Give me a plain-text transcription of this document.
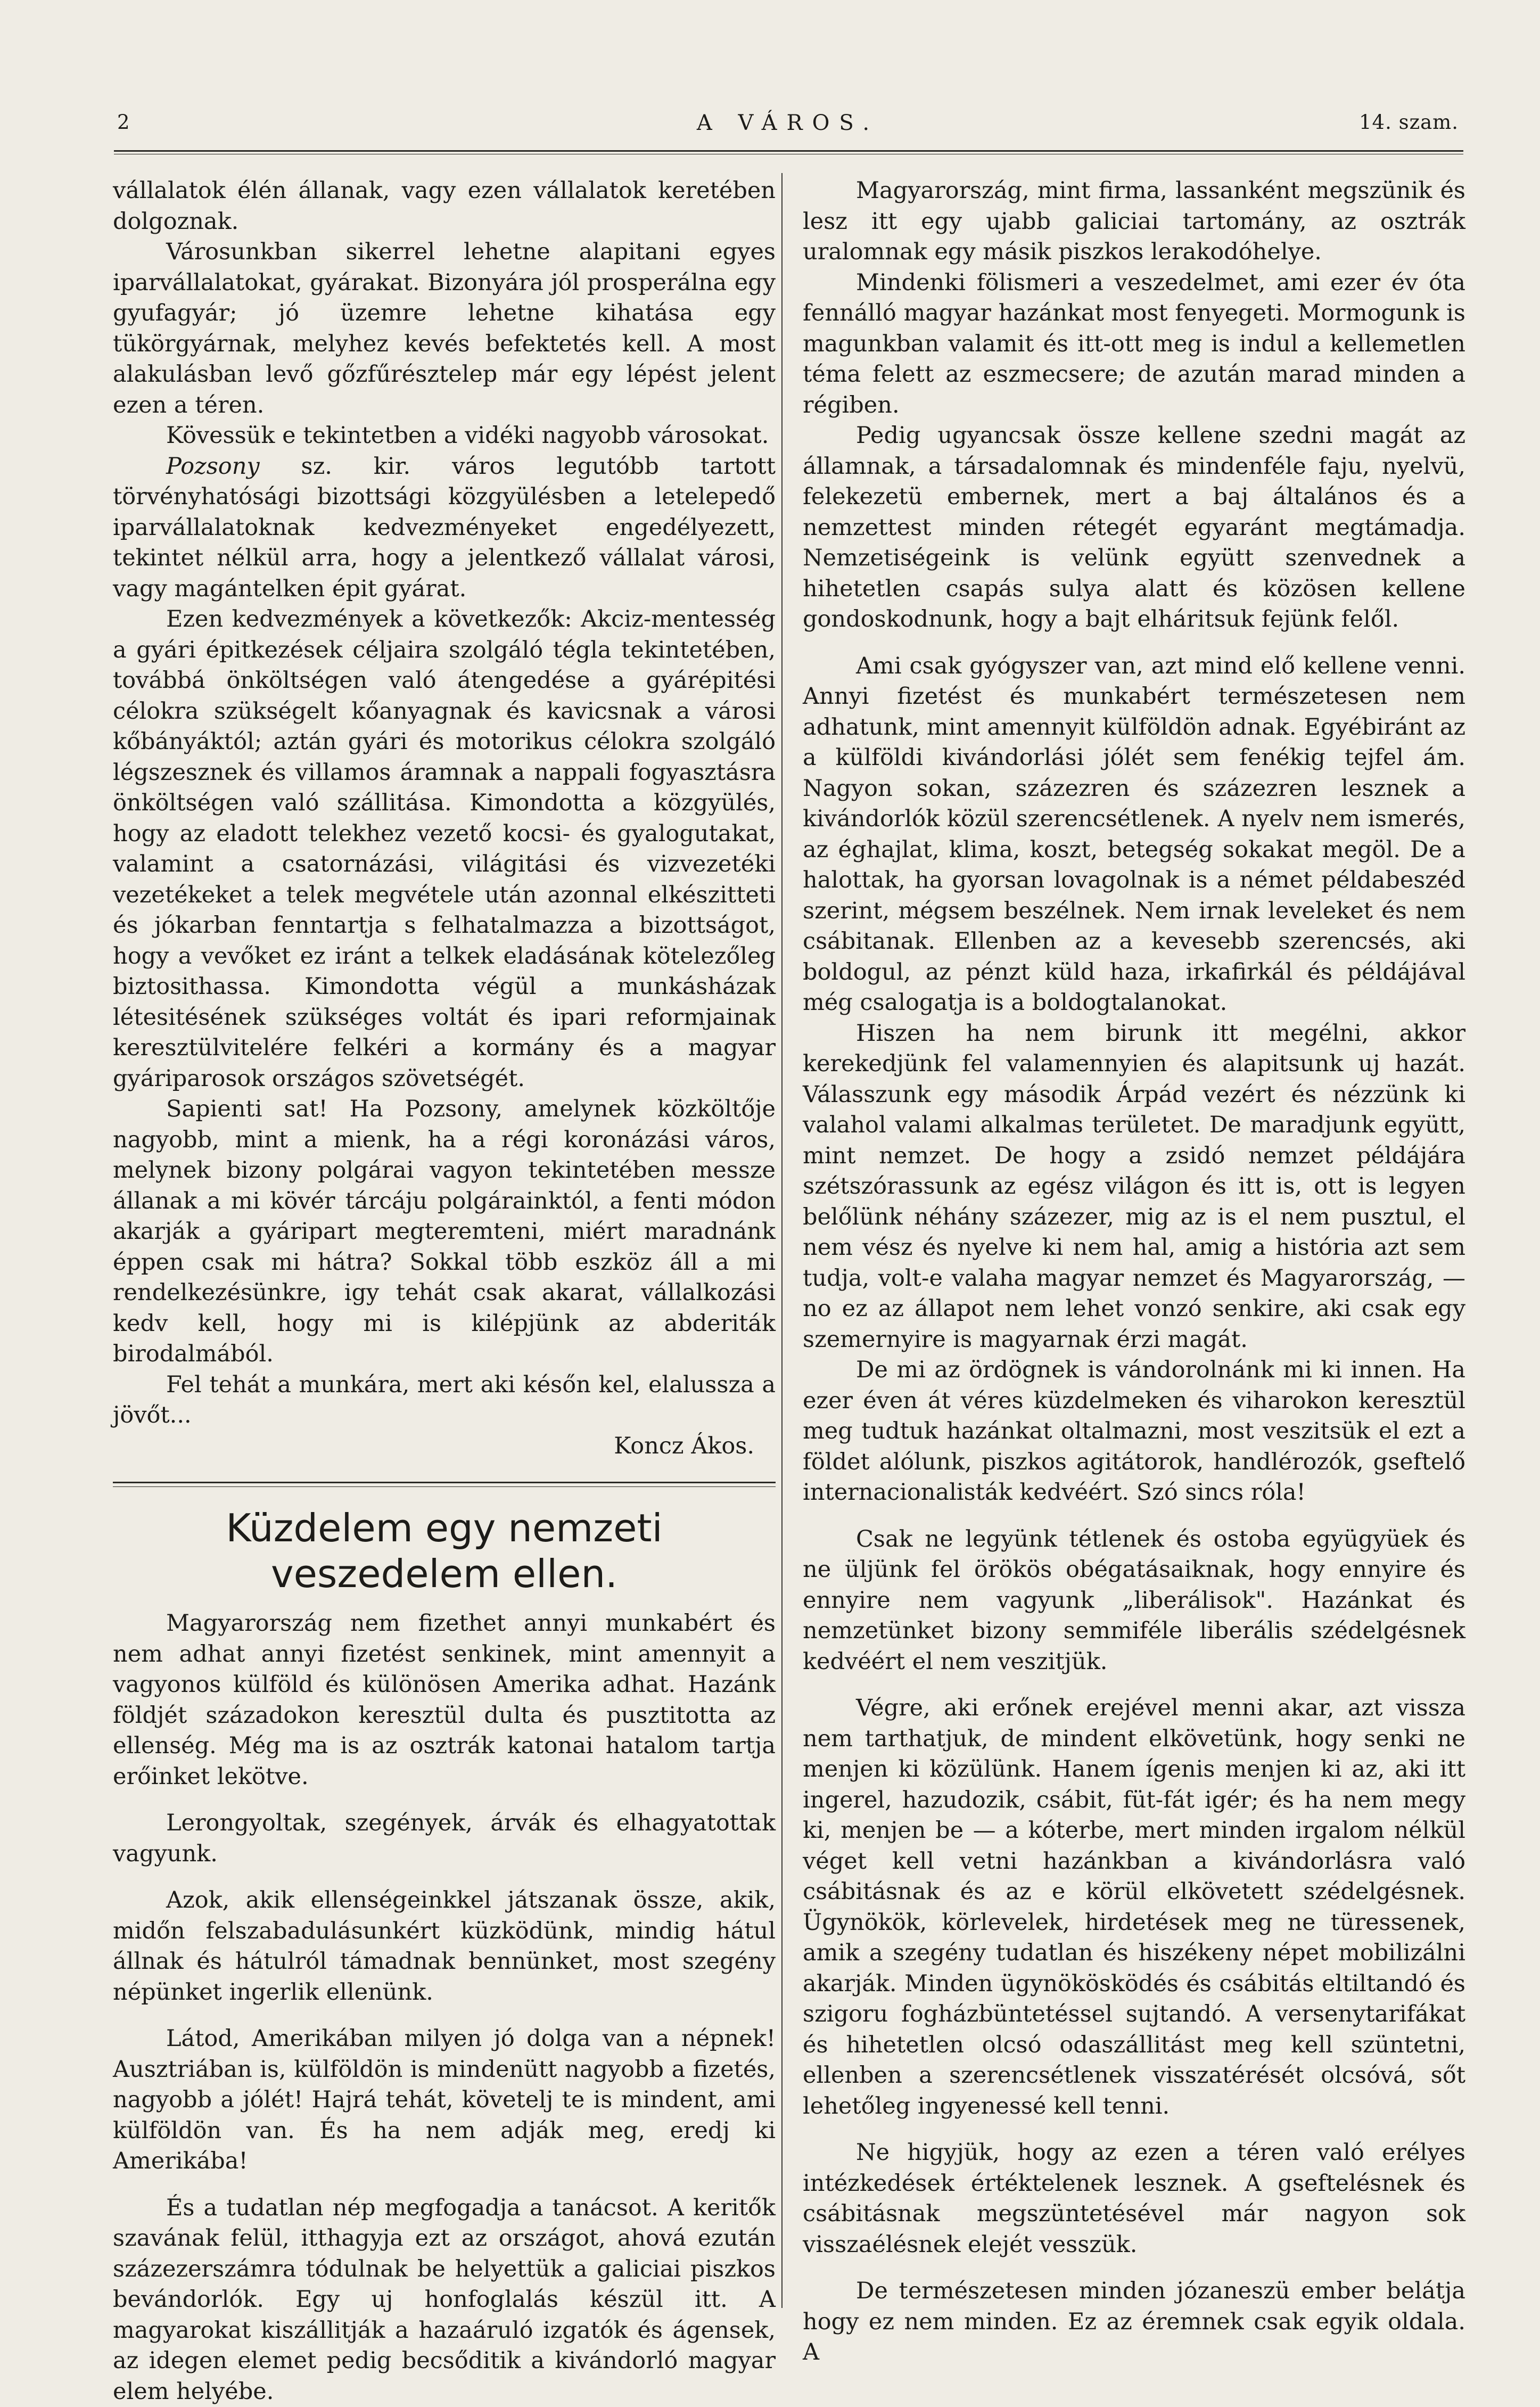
2	A VÁROS.	14. szam.

vállalatok élén állanak, vagy ezen vállalatok keretében dolgoznak.

Városunkban sikerrel lehetne alapitani egyes iparvállalatokat, gyárakat. Bizonyára jól prosperálna egy gyufagyár; jó üzemre lehetne kihatása egy tükörgyárnak, melyhez kevés befektetés kell. A most alakulásban levő gőzfűrésztelep már egy lépést jelent ezen a téren.

Kövessük e tekintetben a vidéki nagyobb városokat.

Pozsony sz. kir. város legutóbb tartott törvényhatósági bizottsági közgyülésben a letelepedő iparvállalatoknak kedvezményeket engedélyezett, tekintet nélkül arra, hogy a jelentkező vállalat városi, vagy magántelken épit gyárat.

Ezen kedvezmények a következők: Akciz-mentesség a gyári épitkezések céljaira szolgáló tégla tekintetében, továbbá önköltségen való átengedése a gyárépitési célokra szükségelt kőanyagnak és kavicsnak a városi kőbányáktól; aztán gyári és motorikus célokra szolgáló légszesznek és villamos áramnak a nappali fogyasztásra önköltségen való szállitása. Kimondotta a közgyülés, hogy az eladott telekhez vezető kocsi- és gyalogutakat, valamint a csatornázási, világitási és vizvezetéki vezetékeket a telek megvétele után azonnal elkészitteti és jókarban fenntartja s felhatalmazza a bizottságot, hogy a vevőket ez iránt a telkek eladásának kötelezőleg biztosithassa. Kimondotta végül a munkásházak létesitésének szükséges voltát és ipari reformjainak keresztülvitelére felkéri a kormány és a magyar gyáriparosok országos szövetségét.

Sapienti sat! Ha Pozsony, amelynek közköltője nagyobb, mint a mienk, ha a régi koronázási város, melynek bizony polgárai vagyon tekintetében messze állanak a mi kövér tárcáju polgárainktól, a fenti módon akarják a gyáripart megteremteni, miért maradnánk éppen csak mi hátra? Sokkal több eszköz áll a mi rendelkezésünkre, igy tehát csak akarat, vállalkozási kedv kell, hogy mi is kilépjünk az abderiták birodalmából.

Fel tehát a munkára, mert aki későn kel, elalussza a jövőt...

Koncz Ákos.
Küzdelem egy nemzeti veszedelem ellen.

Magyarország nem fizethet annyi munkabért és nem adhat annyi fizetést senkinek, mint amennyit a vagyonos külföld és különösen Amerika adhat. Hazánk földjét századokon keresztül dulta és pusztitotta az ellenség. Még ma is az osztrák katonai hatalom tartja erőinket lekötve.

Lerongyoltak, szegények, árvák és elhagyatottak vagyunk.

Azok, akik ellenségeinkkel játszanak össze, akik, midőn felszabadulásunkért küzködünk, mindig hátul állnak és hátulról támadnak bennünket, most szegény népünket ingerlik ellenünk.

Látod, Amerikában milyen jó dolga van a népnek! Ausztriában is, külföldön is mindenütt nagyobb a fizetés, nagyobb a jólét! Hajrá tehát, követelj te is mindent, ami külföldön van. És ha nem adják meg, eredj ki Amerikába!

És a tudatlan nép megfogadja a tanácsot. A keritők szavának felül, itthagyja ezt az országot, ahová ezután százezerszámra tódulnak be helyettük a galiciai piszkos bevándorlók. Egy uj honfoglalás készül itt. A magyarokat kiszállitják a hazaáruló izgatók és ágensek, az idegen elemet pedig becsőditik a kivándorló magyar elem helyébe.

Magyarország, mint firma, lassanként megszünik és lesz itt egy ujabb galiciai tartomány, az osztrák uralomnak egy másik piszkos lerakodóhelye.

Mindenki fölismeri a veszedelmet, ami ezer év óta fennálló magyar hazánkat most fenyegeti. Mormogunk is magunkban valamit és itt-ott meg is indul a kellemetlen téma felett az eszmecsere; de azután marad minden a régiben.

Pedig ugyancsak össze kellene szedni magát az államnak, a társadalomnak és mindenféle faju, nyelvü, felekezetü embernek, mert a baj általános és a nemzettest minden rétegét egyaránt megtámadja. Nemzetiségeink is velünk együtt szenvednek a hihetetlen csapás sulya alatt és közösen kellene gondoskodnunk, hogy a bajt elháritsuk fejünk felől.

Ami csak gyógyszer van, azt mind elő kellene venni. Annyi fizetést és munkabért természetesen nem adhatunk, mint amennyit külföldön adnak. Egyébiránt az a külföldi kivándorlási jólét sem fenékig tejfel ám. Nagyon sokan, százezren és százezren lesznek a kivándorlók közül szerencsétlenek. A nyelv nem ismerés, az éghajlat, klima, koszt, betegség sokakat megöl. De a halottak, ha gyorsan lovagolnak is a német példabeszéd szerint, mégsem beszélnek. Nem irnak leveleket és nem csábitanak. Ellenben az a kevesebb szerencsés, aki boldogul, az pénzt küld haza, irkafirkál és példájával még csalogatja is a boldogtalanokat.

Hiszen ha nem birunk itt megélni, akkor kerekedjünk fel valamennyien és alapitsunk uj hazát. Válasszunk egy második Árpád vezért és nézzünk ki valahol valami alkalmas területet. De maradjunk együtt, mint nemzet. De hogy a zsidó nemzet példájára szétszórassunk az egész világon és itt is, ott is legyen belőlünk néhány százezer, mig az is el nem pusztul, el nem vész és nyelve ki nem hal, amig a história azt sem tudja, volt-e valaha magyar nemzet és Magyarország, — no ez az állapot nem lehet vonzó senkire, aki csak egy szemernyire is magyarnak érzi magát.

De mi az ördögnek is vándorolnánk mi ki innen. Ha ezer éven át véres küzdelmeken és viharokon keresztül meg tudtuk hazánkat oltalmazni, most veszitsük el ezt a földet alólunk, piszkos agitátorok, handlérozók, gseftelő internacionalisták kedvéért. Szó sincs róla!

Csak ne legyünk tétlenek és ostoba együgyüek és ne üljünk fel örökös obégatásaiknak, hogy ennyire és ennyire nem vagyunk „liberálisok". Hazánkat és nemzetünket bizony semmiféle liberális szédelgésnek kedvéért el nem veszitjük.

Végre, aki erőnek erejével menni akar, azt vissza nem tarthatjuk, de mindent elkövetünk, hogy senki ne menjen ki közülünk. Hanem ígenis menjen ki az, aki itt ingerel, hazudozik, csábit, füt-fát igér; és ha nem megy ki, menjen be — a kóterbe, mert minden irgalom nélkül véget kell vetni hazánkban a kivándorlásra való csábitásnak és az e körül elkövetett szédelgésnek. Ügynökök, körlevelek, hirdetések meg ne türessenek, amik a szegény tudatlan és hiszékeny népet mobilizálni akarják. Minden ügynökösködés és csábitás eltiltandó és szigoru fogházbüntetéssel sujtandó. A versenytarifákat és hihetetlen olcsó odaszállitást meg kell szüntetni, ellenben a szerencsétlenek visszatérését olcsóvá, sőt lehetőleg ingyenessé kell tenni.

Ne higyjük, hogy az ezen a téren való erélyes intézkedések értéktelenek lesznek. A gseftelésnek és csábitásnak megszüntetésével már nagyon sok visszaélésnek elejét vesszük.

De természetesen minden józaneszü ember belátja hogy ez nem minden. Ez az éremnek csak egyik oldala. A
